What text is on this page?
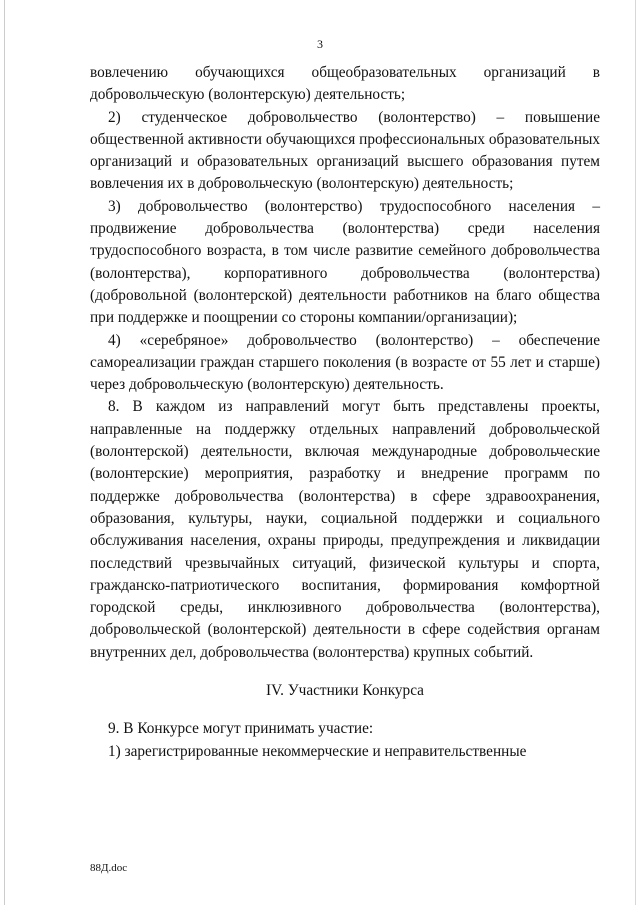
3

вовлечению обучающихся общеобразовательных организаций в добровольческую (волонтерскую) деятельность;

2) студенческое добровольчество (волонтерство) – повышение общественной активности обучающихся профессиональных образовательных организаций и образовательных организаций высшего образования путем вовлечения их в добровольческую (волонтерскую) деятельность;

3) добровольчество (волонтерство) трудоспособного населения – продвижение добровольчества (волонтерства) среди населения трудоспособного возраста, в том числе развитие семейного добровольчества (волонтерства), корпоративного добровольчества (волонтерства) (добровольной (волонтерской) деятельности работников на благо общества при поддержке и поощрении со стороны компании/организации);

4) «серебряное» добровольчество (волонтерство) – обеспечение самореализации граждан старшего поколения (в возрасте от 55 лет и старше) через добровольческую (волонтерскую) деятельность.

8. В каждом из направлений могут быть представлены проекты, направленные на поддержку отдельных направлений добровольческой (волонтерской) деятельности, включая международные добровольческие (волонтерские) мероприятия, разработку и внедрение программ по поддержке добровольчества (волонтерства) в сфере здравоохранения, образования, культуры, науки, социальной поддержки и социального обслуживания населения, охраны природы, предупреждения и ликвидации последствий чрезвычайных ситуаций, физической культуры и спорта, гражданско-патриотического воспитания, формирования комфортной городской среды, инклюзивного добровольчества (волонтерства), добровольческой (волонтерской) деятельности в сфере содействия органам внутренних дел, добровольчества (волонтерства) крупных событий.

IV. Участники Конкурса

9. В Конкурсе могут принимать участие:

1) зарегистрированные некоммерческие и неправительственные

88Д.doc
